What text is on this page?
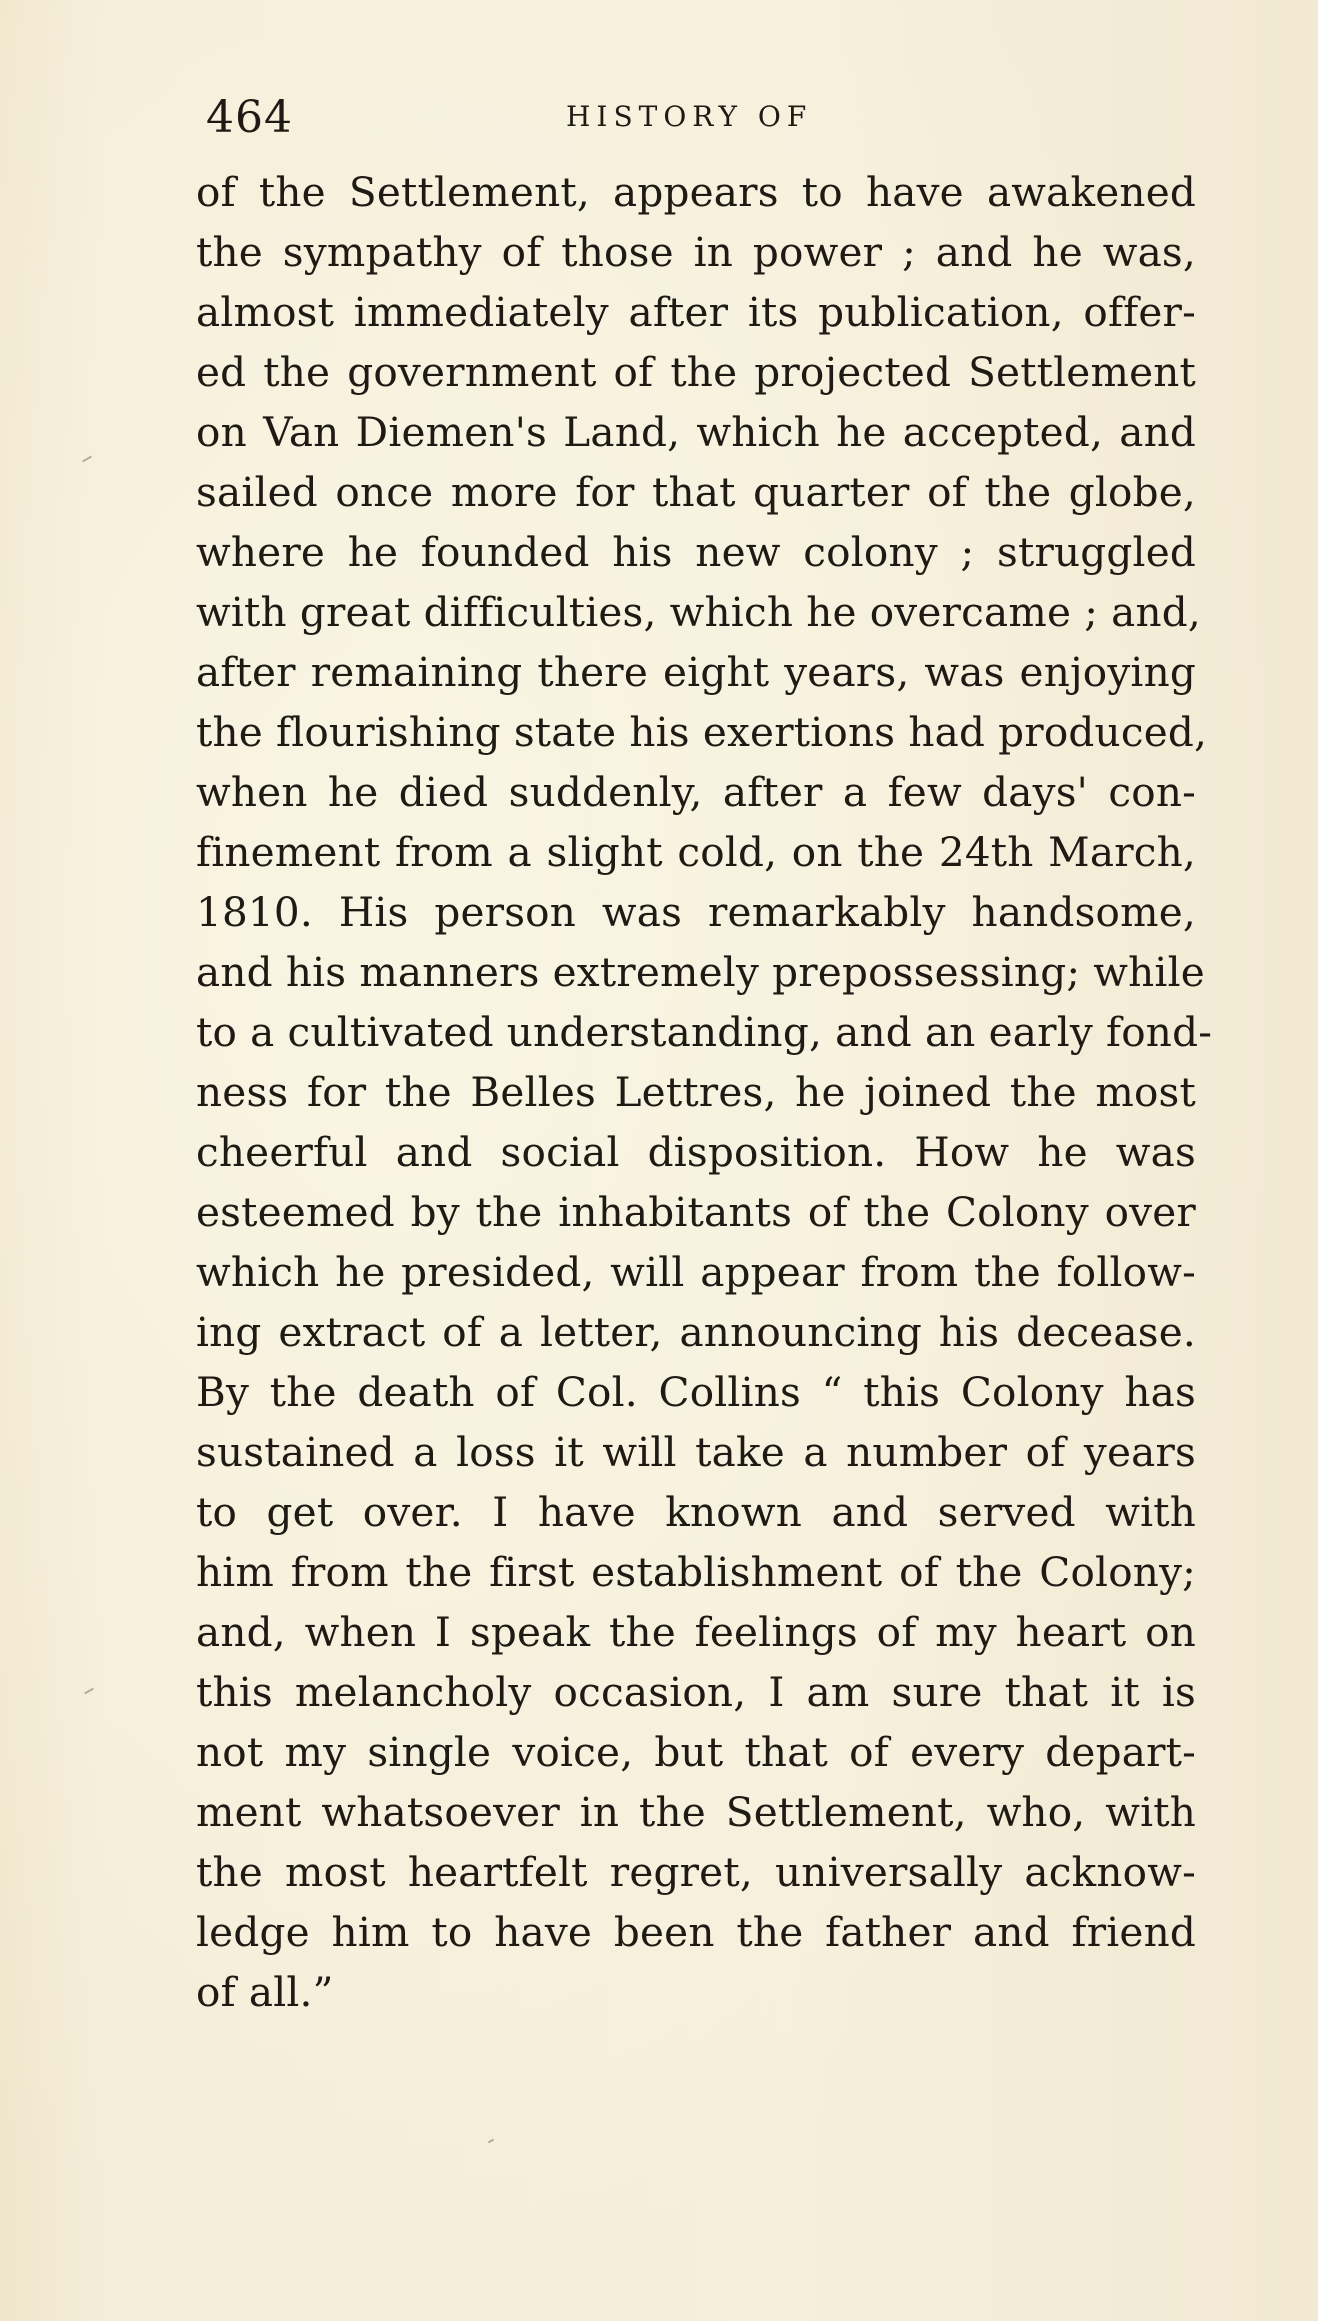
464	HISTORY OF
of the Settlement, appears to have awakened
the sympathy of those in power ; and he was,
almost immediately after its publication, offer-
ed the government of the projected Settlement
on Van Diemen's Land, which he accepted, and
sailed once more for that quarter of the globe,
where he founded his new colony ; struggled
with great difficulties, which he overcame ; and,
after remaining there eight years, was enjoying
the flourishing state his exertions had produced,
when he died suddenly, after a few days' con-
finement from a slight cold, on the 24th March,
1810. His person was remarkably handsome,
and his manners extremely prepossessing; while
to a cultivated understanding, and an early fond-
ness for the Belles Lettres, he joined the most
cheerful and social disposition. How he was
esteemed by the inhabitants of the Colony over
which he presided, will appear from the follow-
ing extract of a letter, announcing his decease.
By the death of Col. Collins “ this Colony has
sustained a loss it will take a number of years
to get over. I have known and served with
him from the first establishment of the Colony;
and, when I speak the feelings of my heart on
this melancholy occasion, I am sure that it is
not my single voice, but that of every depart-
ment whatsoever in the Settlement, who, with
the most heartfelt regret, universally acknow-
ledge him to have been the father and friend
of all.”
